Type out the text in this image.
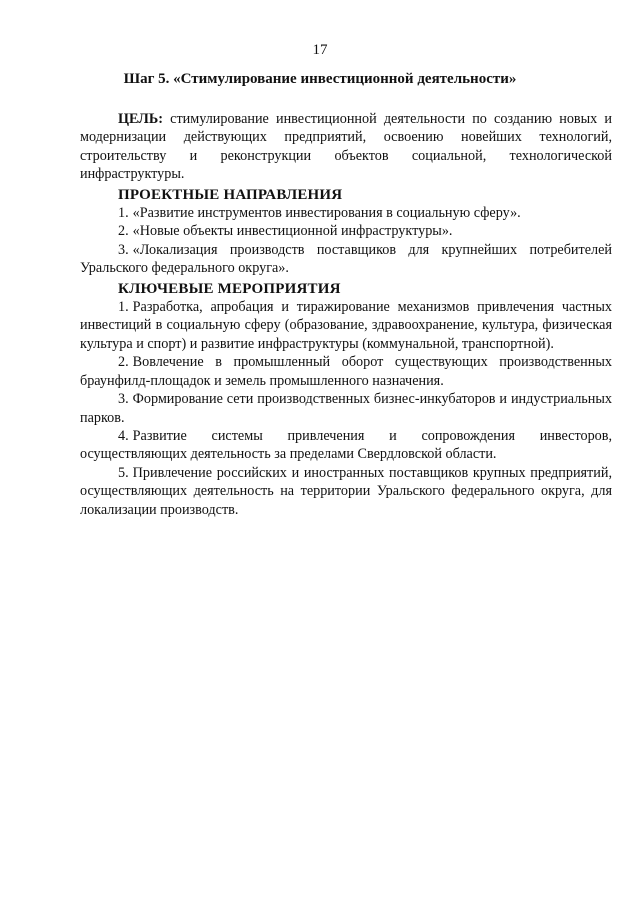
17
Шаг 5. «Стимулирование инвестиционной деятельности»

ЦЕЛЬ: стимулирование инвестиционной деятельности по созданию новых и модернизации действующих предприятий, освоению новейших технологий, строительству и реконструкции объектов социальной, технологической инфраструктуры.

ПРОЕКТНЫЕ НАПРАВЛЕНИЯ

1. «Развитие инструментов инвестирования в социальную сферу».

2. «Новые объекты инвестиционной инфраструктуры».

3. «Локализация производств поставщиков для крупнейших потребителей Уральского федерального округа».

КЛЮЧЕВЫЕ МЕРОПРИЯТИЯ

1. Разработка, апробация и тиражирование механизмов привлечения частных инвестиций в социальную сферу (образование, здравоохранение, культура, физическая культура и спорт) и развитие инфраструктуры (коммунальной, транспортной).

2. Вовлечение в промышленный оборот существующих производственных браунфилд-площадок и земель промышленного назначения.

3. Формирование сети производственных бизнес-инкубаторов и индустриальных парков.

4. Развитие системы привлечения и сопровождения инвесторов, осуществляющих деятельность за пределами Свердловской области.

5. Привлечение российских и иностранных поставщиков крупных предприятий, осуществляющих деятельность на территории Уральского федерального округа, для локализации производств.
